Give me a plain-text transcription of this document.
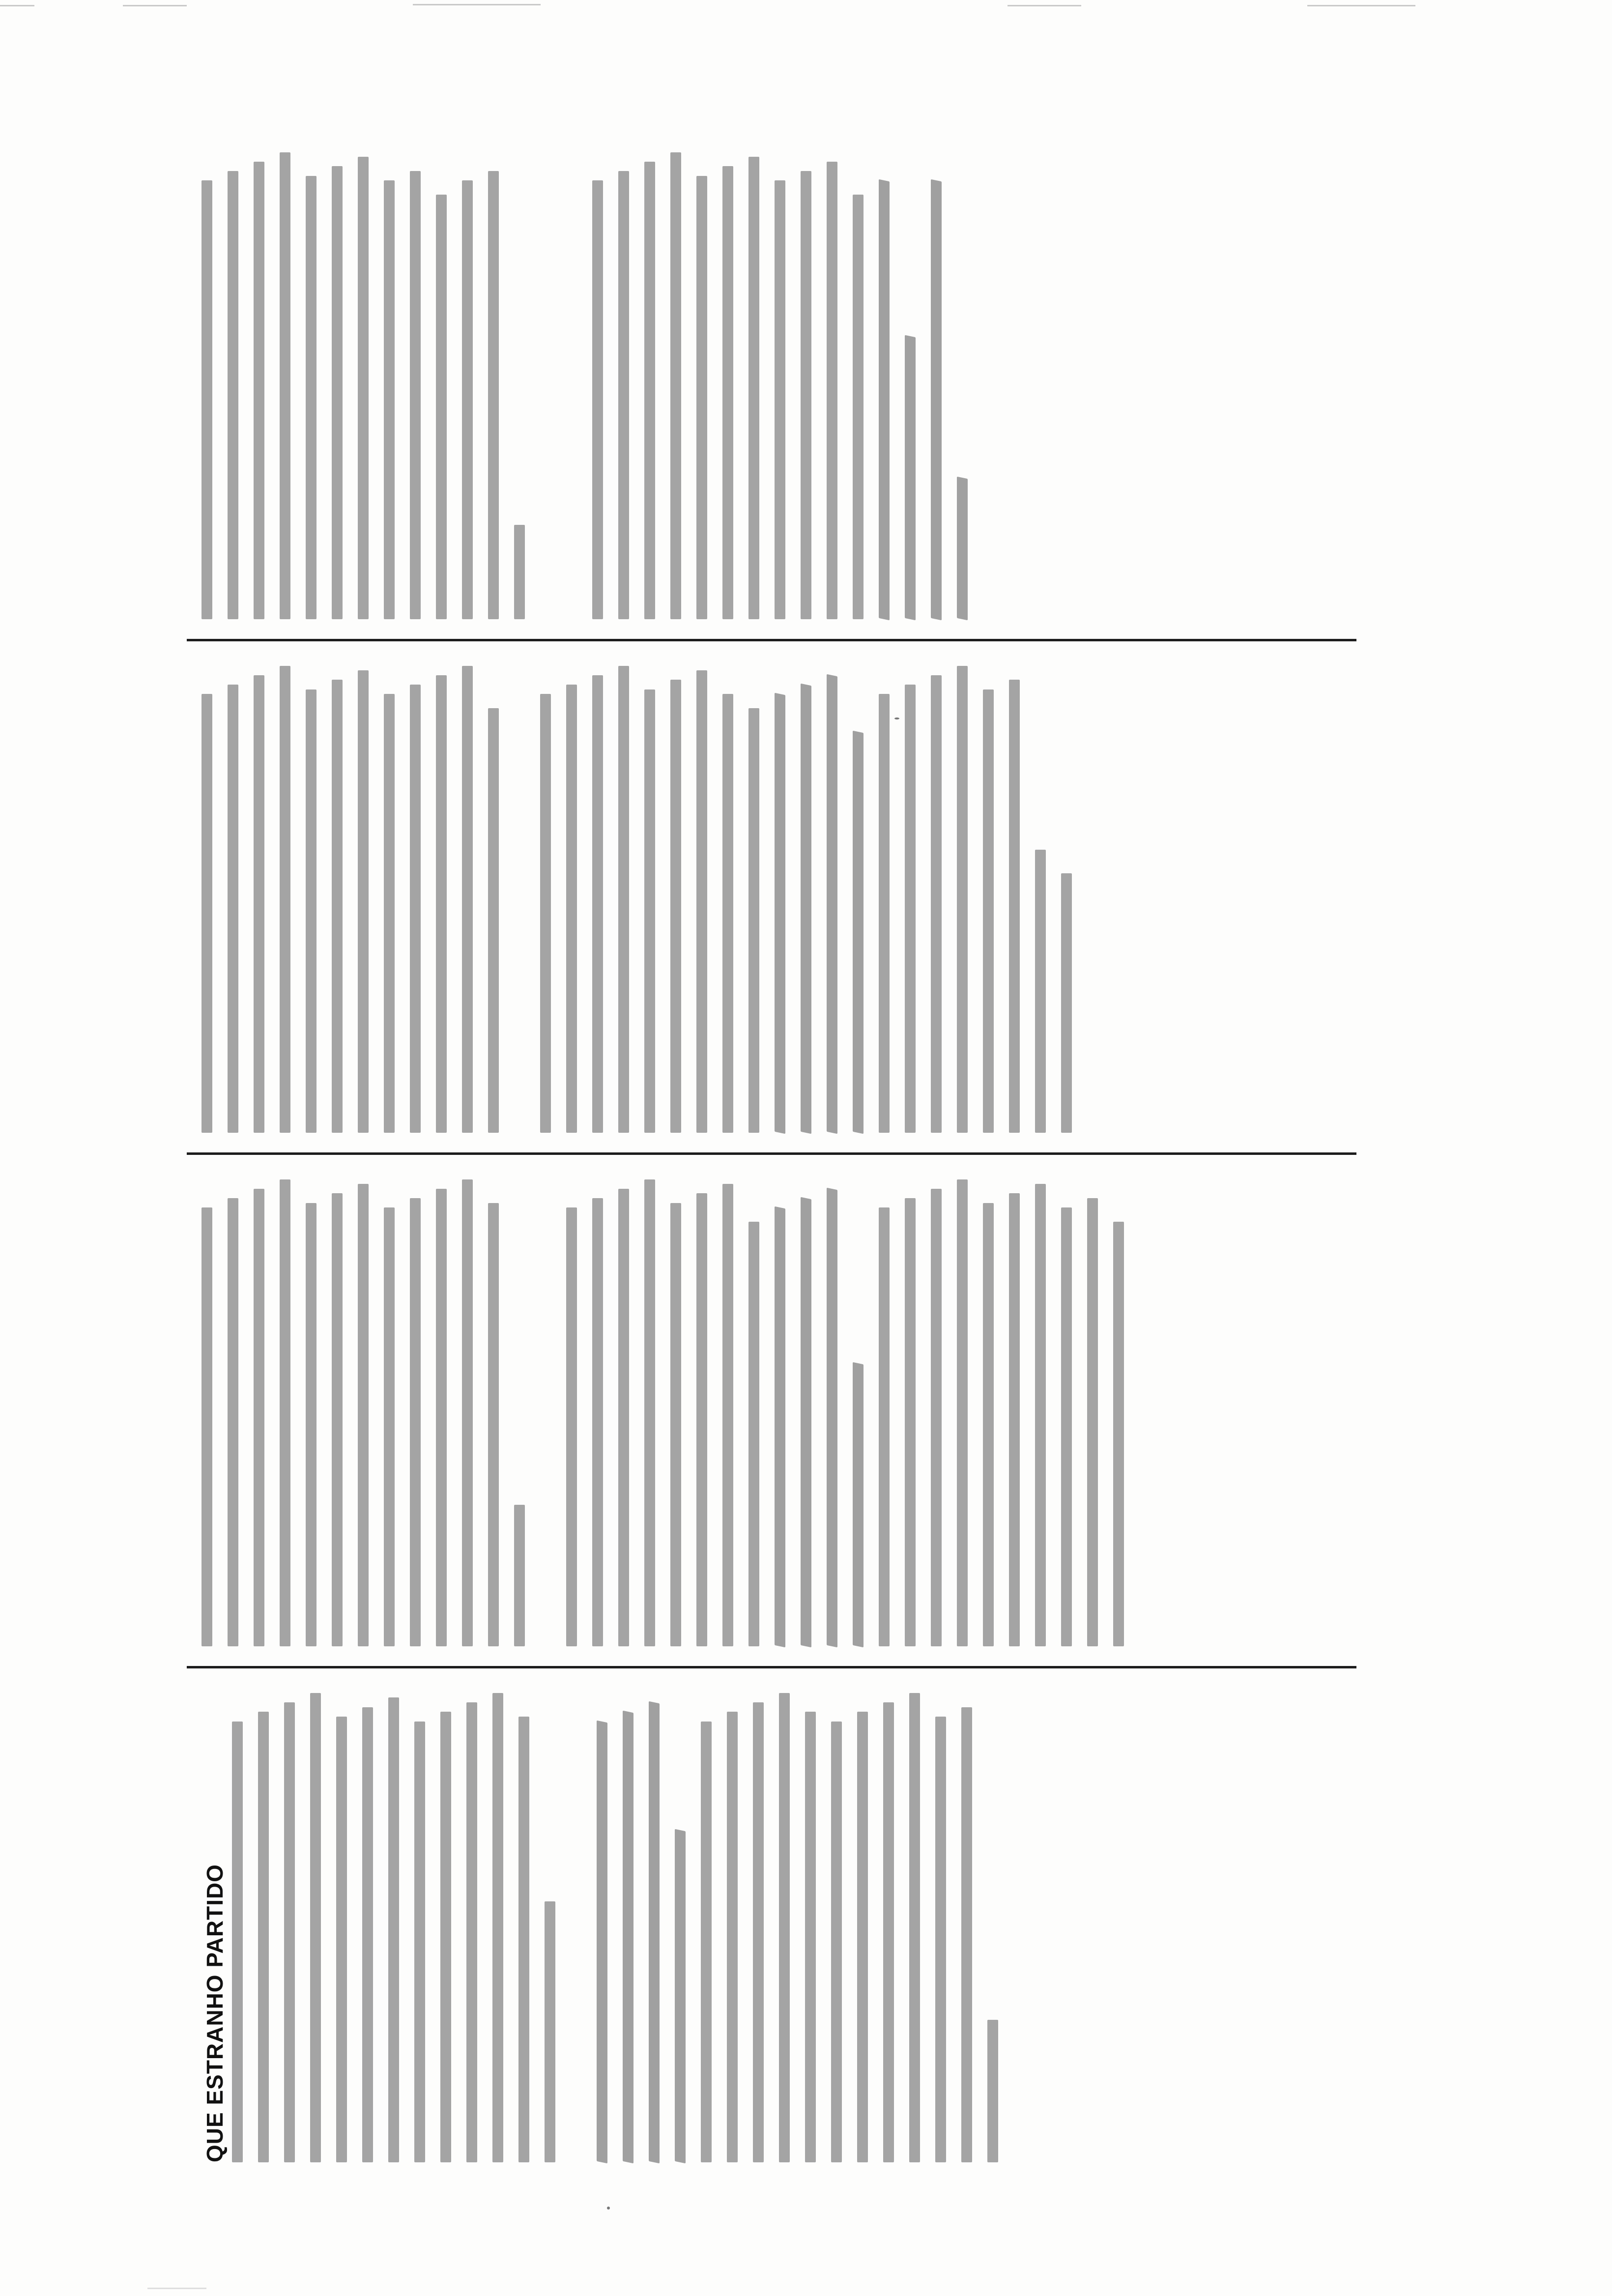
QUE ESTRANHO PARTIDO
